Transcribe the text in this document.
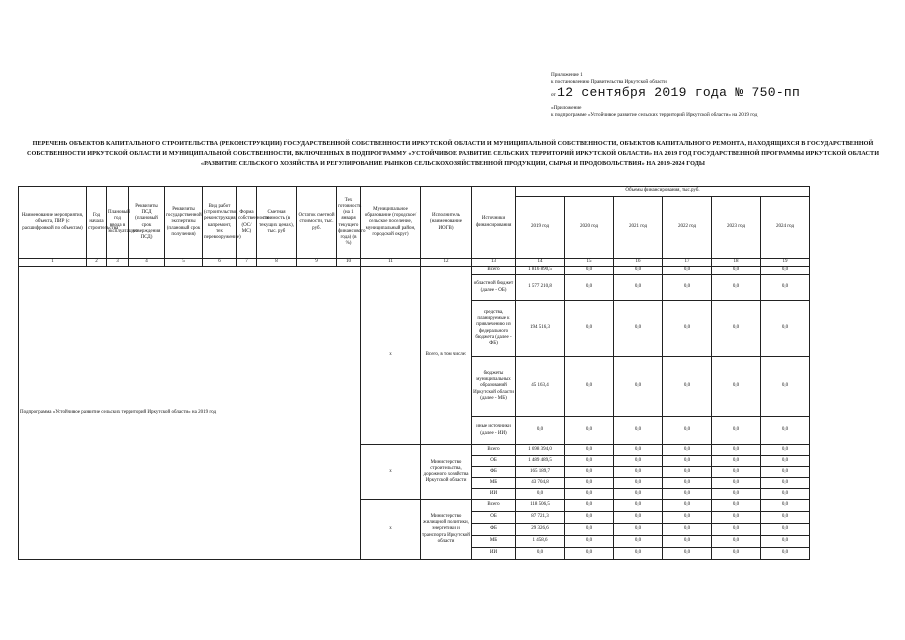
Приложение 1
к постановлению Правительства Иркутской области
от 12 сентября 2019 года № 750-пп
«Приложение
к подпрограмме «Устойчивое развитие сельских территорий Иркутской области» на 2019 год
ПЕРЕЧЕНЬ ОБЪЕКТОВ КАПИТАЛЬНОГО СТРОИТЕЛЬСТВА (РЕКОНСТРУКЦИИ) ГОСУДАРСТВЕННОЙ СОБСТВЕННОСТИ ИРКУТСКОЙ ОБЛАСТИ И МУНИЦИПАЛЬНОЙ СОБСТВЕННОСТИ, ОБЪЕКТОВ КАПИТАЛЬНОГО РЕМОНТА, НАХОДЯЩИХСЯ В ГОСУДАРСТВЕННОЙ СОБСТВЕННОСТИ ИРКУТСКОЙ ОБЛАСТИ И МУНИЦИПАЛЬНОЙ СОБСТВЕННОСТИ, ВКЛЮЧЕННЫХ В ПОДПРОГРАММУ «УСТОЙЧИВОЕ РАЗВИТИЕ СЕЛЬСКИХ ТЕРРИТОРИЙ ИРКУТСКОЙ ОБЛАСТИ» НА 2019 ГОД ГОСУДАРСТВЕННОЙ ПРОГРАММЫ ИРКУТСКОЙ ОБЛАСТИ «РАЗВИТИЕ СЕЛЬСКОГО ХОЗЯЙСТВА И РЕГУЛИРОВАНИЕ РЫНКОВ СЕЛЬСКОХОЗЯЙСТВЕННОЙ ПРОДУКЦИИ, СЫРЬЯ И ПРОДОВОЛЬСТВИЯ» НА 2019-2024 ГОДЫ
Наименование мероприятия, объекта, ПИР (с расшифровкой по объектам)	Год начала строительства	Плановый год ввода в эксплуатацию	Реквизиты ПСД (плановый срок утверждения ПСД)	Реквизиты государственной экспертизы (плановый срок получения)	Вид работ (строительство, реконструкция, капремонт, тех перевооружение)	Форма собственности (ОС/МС)	Сметная стоимость (в текущих ценах), тыс. руб	Остаток сметной стоимости, тыс. руб.	Тех готовность (на 1 января текущего финансового года) (в %)	Муниципальное образование (городское/сельское поселение, муниципальный район, городской округ)	Исполнитель (наименование ИОГВ)	Источники финансирования	Объемы финансирования, тыс.руб.					
													2019 год	2020 год	2021 год	2022 год	2023 год	2024 год
1	2	3	4	5	6	7	8	9	10	11	12	13	14	15	16	17	18	19
Подпрограмма «Устойчивое развитие сельских территорий Иркутской области» на 2019 год										х	Всего, в том числе:	Всего	1 816 890,5	0,0	0,0	0,0	0,0	0,0
												областной бюджет (далее - ОБ)	1 577 210,8	0,0	0,0	0,0	0,0	0,0
												средства, планируемые к привлечению из федерального бюджета (далее - ФБ)	194 516,3	0,0	0,0	0,0	0,0	0,0
												бюджеты муниципальных образований Иркутской области (далее - МБ)	45 163,4	0,0	0,0	0,0	0,0	0,0
												иные источники (далее - ИИ)	0,0	0,0	0,0	0,0	0,0	0,0
										х	Министерство строительства, дорожного хозяйства Иркутской области	Всего	1 698 394,0	0,0	0,0	0,0	0,0	0,0
												ОБ	1 489 489,5	0,0	0,0	0,0	0,0	0,0
												ФБ	165 189,7	0,0	0,0	0,0	0,0	0,0
												МБ	43 704,8	0,0	0,0	0,0	0,0	0,0
												ИИ	0,0	0,0	0,0	0,0	0,0	0,0
										х	Министерство жилищной политики, энергетики и транспорта Иркутской области	Всего	118 506,5	0,0	0,0	0,0	0,0	0,0
												ОБ	87 721,3	0,0	0,0	0,0	0,0	0,0
												ФБ	29 326,6	0,0	0,0	0,0	0,0	0,0
												МБ	1 458,6	0,0	0,0	0,0	0,0	0,0
												ИИ	0,0	0,0	0,0	0,0	0,0	0,0
